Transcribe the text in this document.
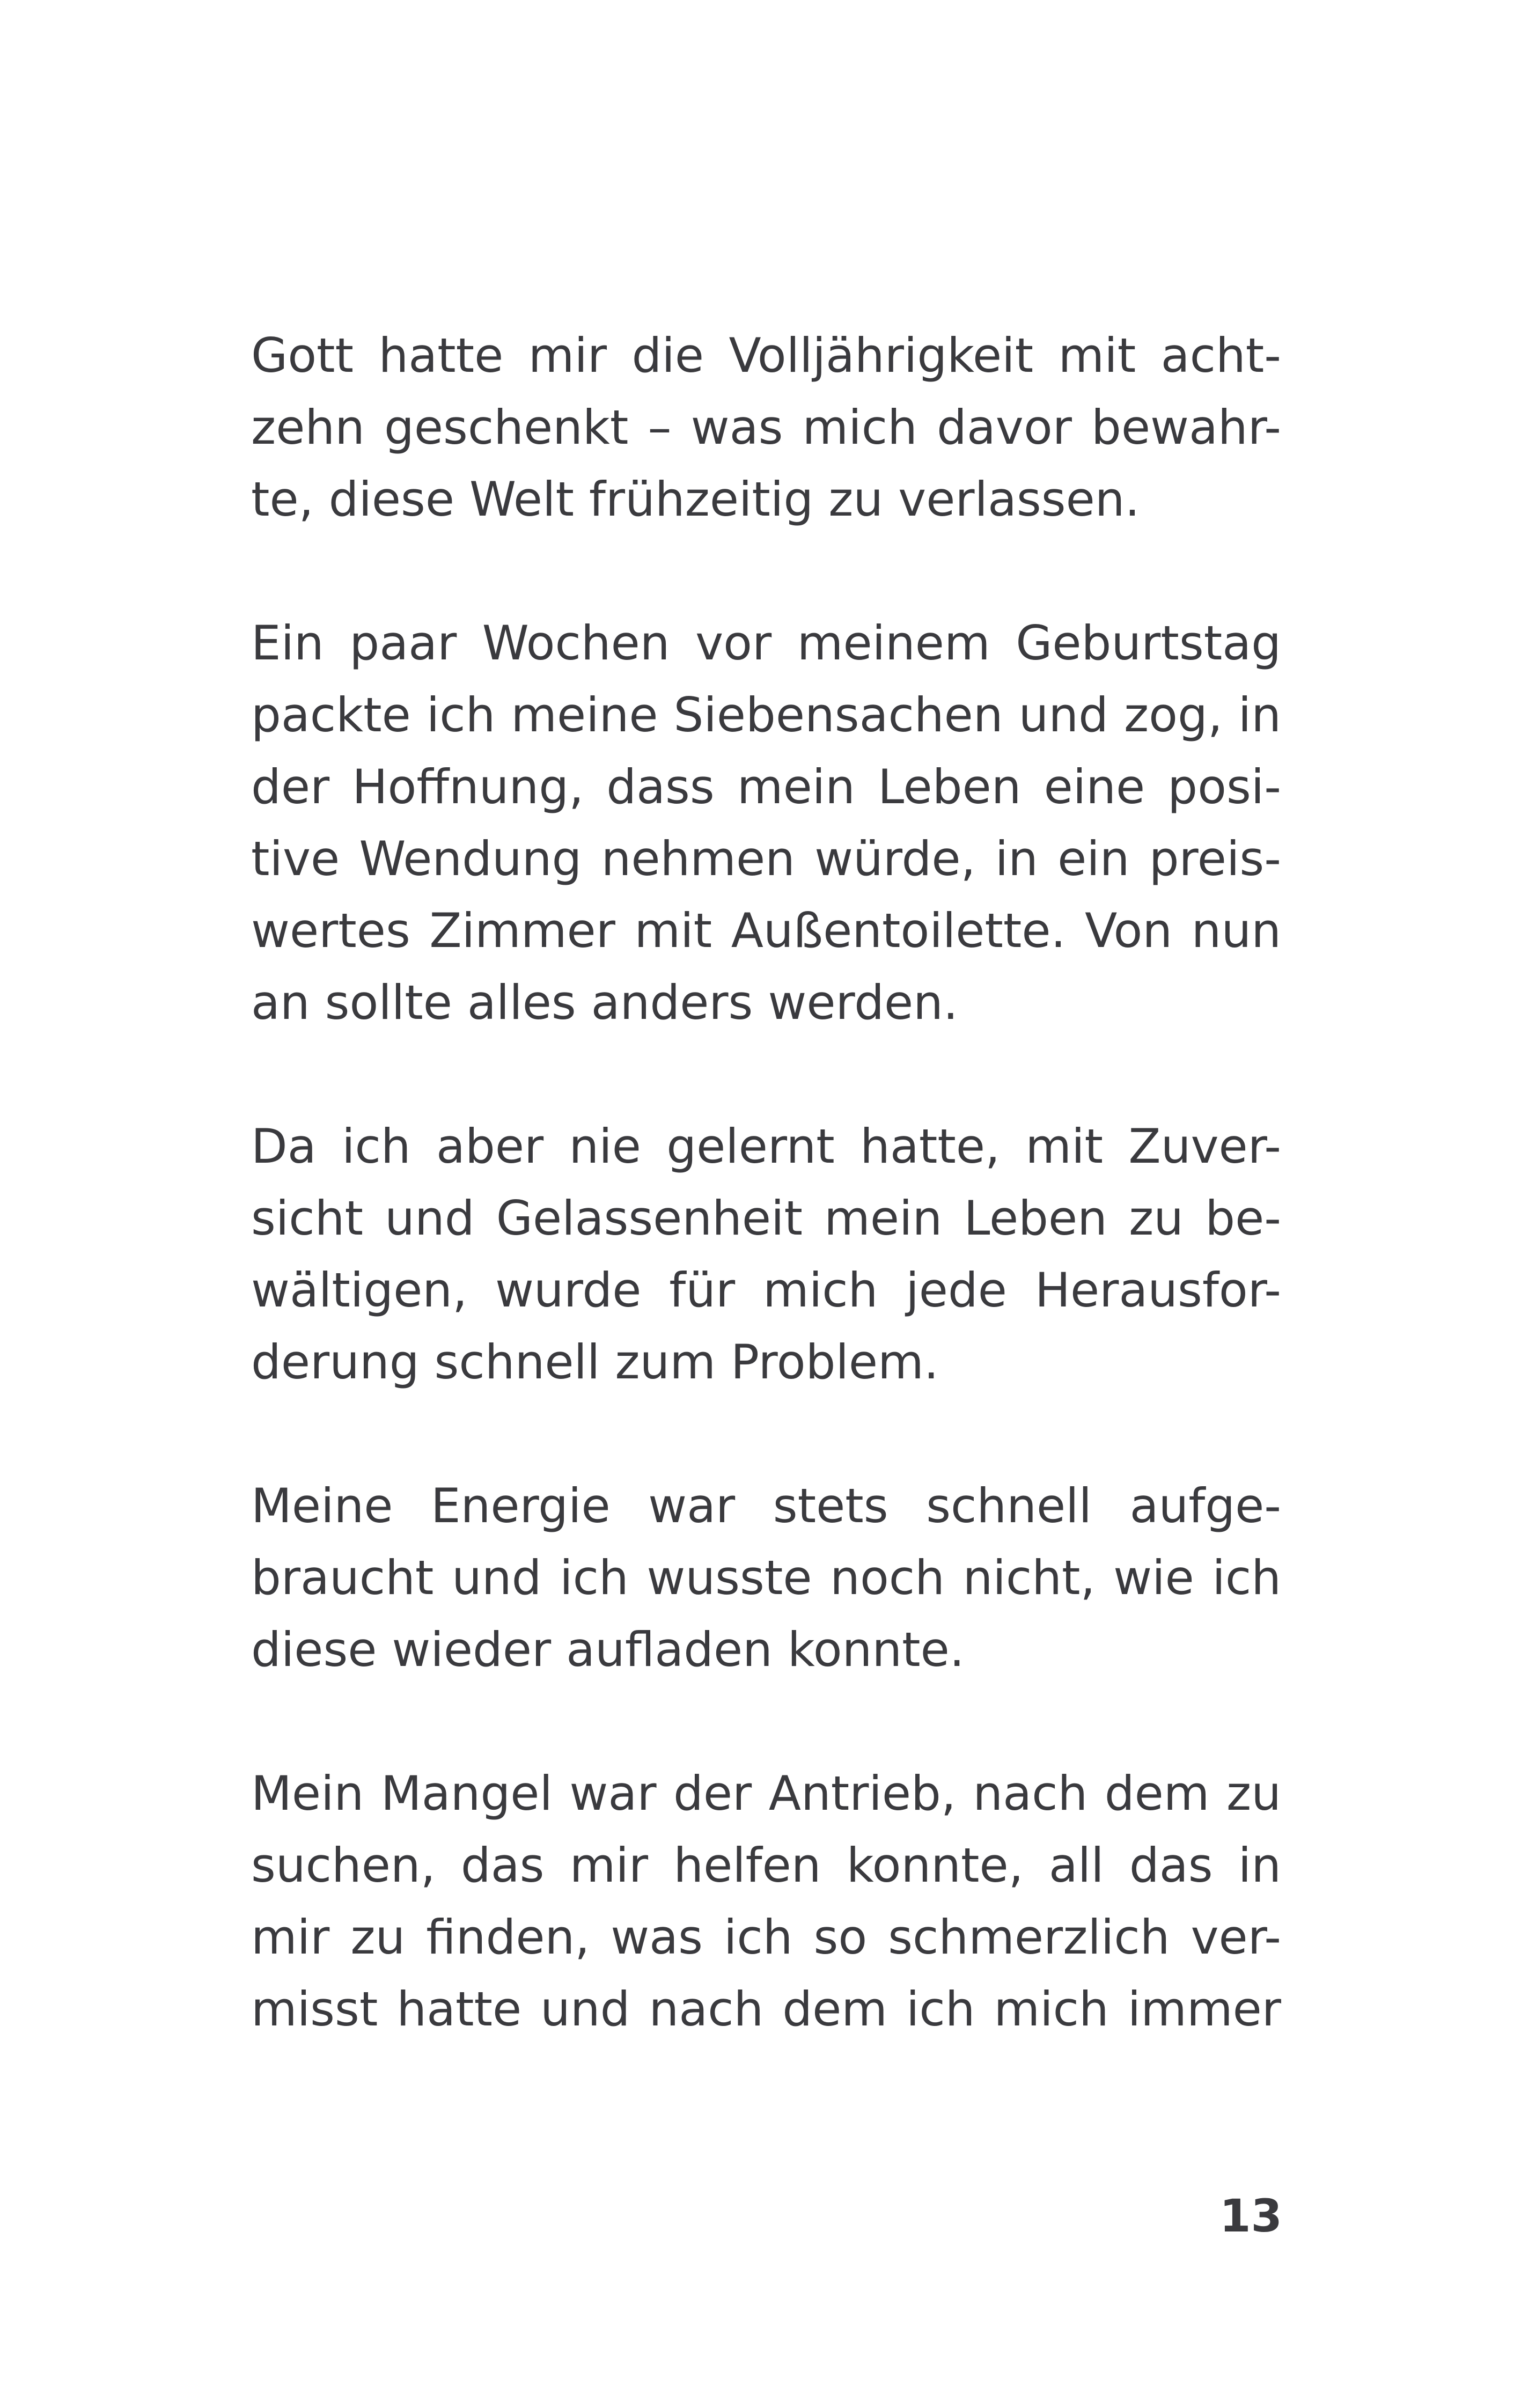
Gott hatte mir die Volljährigkeit mit acht-
zehn geschenkt – was mich davor bewahr-
te, diese Welt frühzeitig zu verlassen.

Ein paar Wochen vor meinem Geburtstag
packte ich meine Siebensachen und zog, in
der Hoffnung, dass mein Leben eine posi-
tive Wendung nehmen würde, in ein preis-
wertes Zimmer mit Außentoilette. Von nun
an sollte alles anders werden.

Da ich aber nie gelernt hatte, mit Zuver-
sicht und Gelassenheit mein Leben zu be-
wältigen, wurde für mich jede Herausfor-
derung schnell zum Problem.

Meine Energie war stets schnell aufge-
braucht und ich wusste noch nicht, wie ich
diese wieder aufladen konnte.

Mein Mangel war der Antrieb, nach dem zu
suchen, das mir helfen konnte, all das in
mir zu finden, was ich so schmerzlich ver-
misst hatte und nach dem ich mich immer

13
